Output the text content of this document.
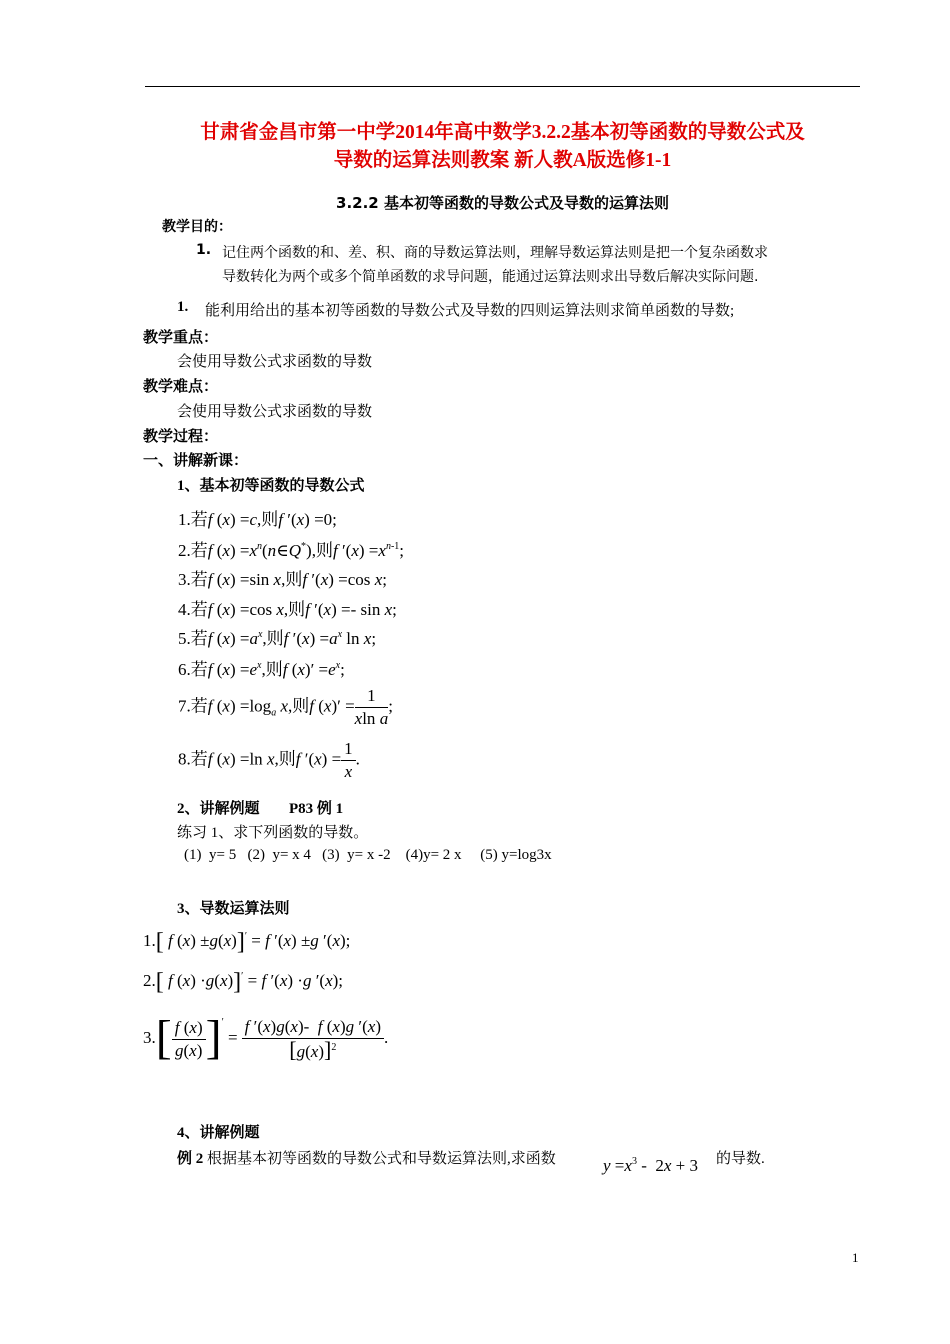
甘肃省金昌市第一中学2014年高中数学3.2.2基本初等函数的导数公式及
导数的运算法则教案 新人教A版选修1-1
3.2.2 基本初等函数的导数公式及导数的运算法则
教学目的：
1. 记住两个函数的和、差、积、商的导数运算法则，理解导数运算法则是把一个复杂函数求
导数转化为两个或多个简单函数的求导问题，能通过运算法则求出导数后解决实际问题.
1. 能利用给出的基本初等函数的导数公式及导数的四则运算法则求简单函数的导数;
教学重点：
会使用导数公式求函数的导数
教学难点：
会使用导数公式求函数的导数
教学过程：
一、讲解新课：
1、基本初等函数的导数公式
1.若f (x) =c,则f ′(x) =0;
2.若f $(x) =x^n(n\in Q^*)$,则f $'(x) =x^{n-1}$;
3.若f (x) =sin x,则f ′(x) =cos x;
4.若f (x) =cos x,则f ′(x) =- sin x;
5.若f $(x) =a^x$,则f $'(x) =a^x$ ln x;
6.若f $(x) =e^x$,则f $(x)' =e^x$;
7.若f $(x) =\log_a$ x,则f $(x)' = \frac{1}{\text{xln a}}$ ;
8.若f (x) =ln x,则f $'(x) = \frac{1}{x}$ .
2、讲解例题 P83 例 1
练习 1、求下列函数的导数。
(1)  y= 5   (2)  y= x 4   (3)  y= x -2    (4)y= 2 x     (5) y=log3x
3、导数运算法则
1.[ f (x) ±g(x)]′ = f ′(x) ±g ′(x);
2.[ f (x) ·g(x)]′ = f ′(x) ·g ′(x);
$3.[ \frac{f (x)}{g(x)} ]' = \frac{f '(x)g(x)- f (x)g '(x)}{[g(x)]^2}$ .
4、讲解例题
例 2 根据基本初等函数的导数公式和导数运算法则,求函数	$y =x^3 - 2x + 3$ 的导数.
1
